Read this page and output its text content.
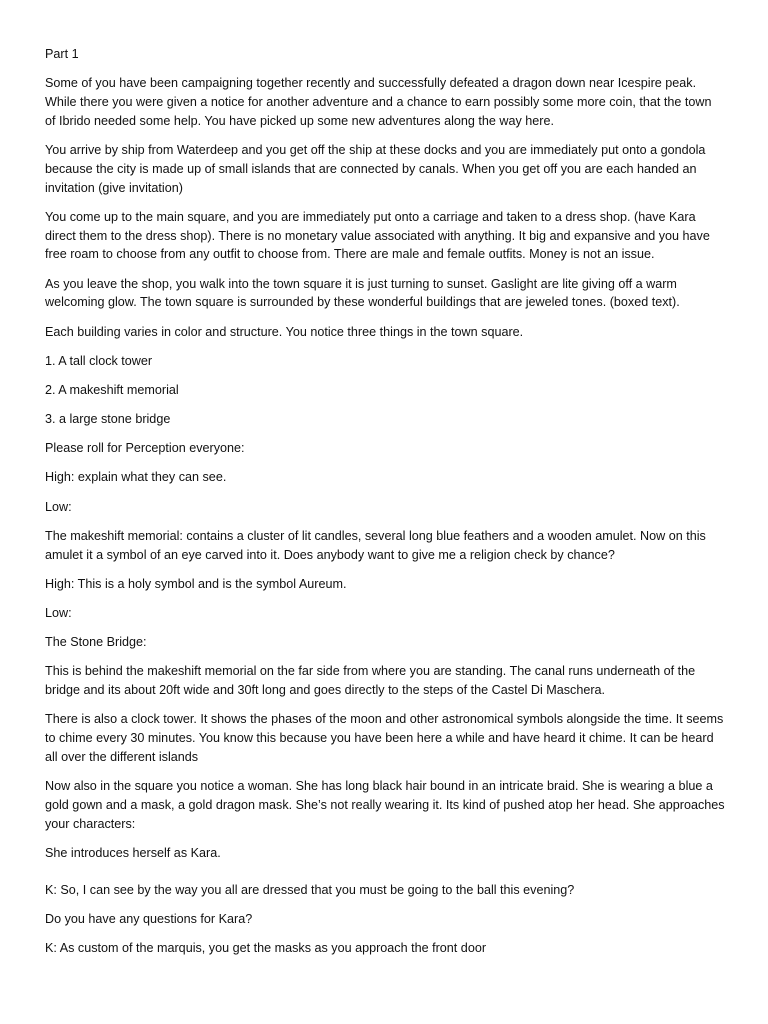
Part 1

Some of you have been campaigning together recently and successfully defeated a dragon down near Icespire peak. While there you were given a notice for another adventure and a chance to earn possibly some more coin, that the town of Ibrido needed some help. You have picked up some new adventures along the way here.

You arrive by ship from Waterdeep and you get off the ship at these docks and you are immediately put onto a gondola because the city is made up of small islands that are connected by canals. When you get off you are each handed an invitation (give invitation)

You come up to the main square, and you are immediately put onto a carriage and taken to a dress shop. (have Kara direct them to the dress shop). There is no monetary value associated with anything. It big and expansive and you have free roam to choose from any outfit to choose from. There are male and female outfits. Money is not an issue.

As you leave the shop, you walk into the town square it is just turning to sunset. Gaslight are lite giving off a warm welcoming glow. The town square is surrounded by these wonderful buildings that are jeweled tones. (boxed text).

Each building varies in color and structure. You notice three things in the town square.

1. A tall clock tower

2. A makeshift memorial

3. a large stone bridge

Please roll for Perception everyone:

High: explain what they can see.

Low:

The makeshift memorial: contains a cluster of lit candles, several long blue feathers and a wooden amulet. Now on this amulet it a symbol of an eye carved into it. Does anybody want to give me a religion check by chance?

High: This is a holy symbol and is the symbol Aureum.

Low:

The Stone Bridge:

This is behind the makeshift memorial on the far side from where you are standing. The canal runs underneath of the bridge and its about 20ft wide and 30ft long and goes directly to the steps of the Castel Di Maschera.

There is also a clock tower. It shows the phases of the moon and other astronomical symbols alongside the time. It seems to chime every 30 minutes. You know this because you have been here a while and have heard it chime. It can be heard all over the different islands

Now also in the square you notice a woman. She has long black hair bound in an intricate braid. She is wearing a blue a gold gown and a mask, a gold dragon mask. She’s not really wearing it. Its kind of pushed atop her head. She approaches your characters:

She introduces herself as Kara.

K: So, I can see by the way you all are dressed that you must be going to the ball this evening?

Do you have any questions for Kara?

K: As custom of the marquis, you get the masks as you approach the front door
